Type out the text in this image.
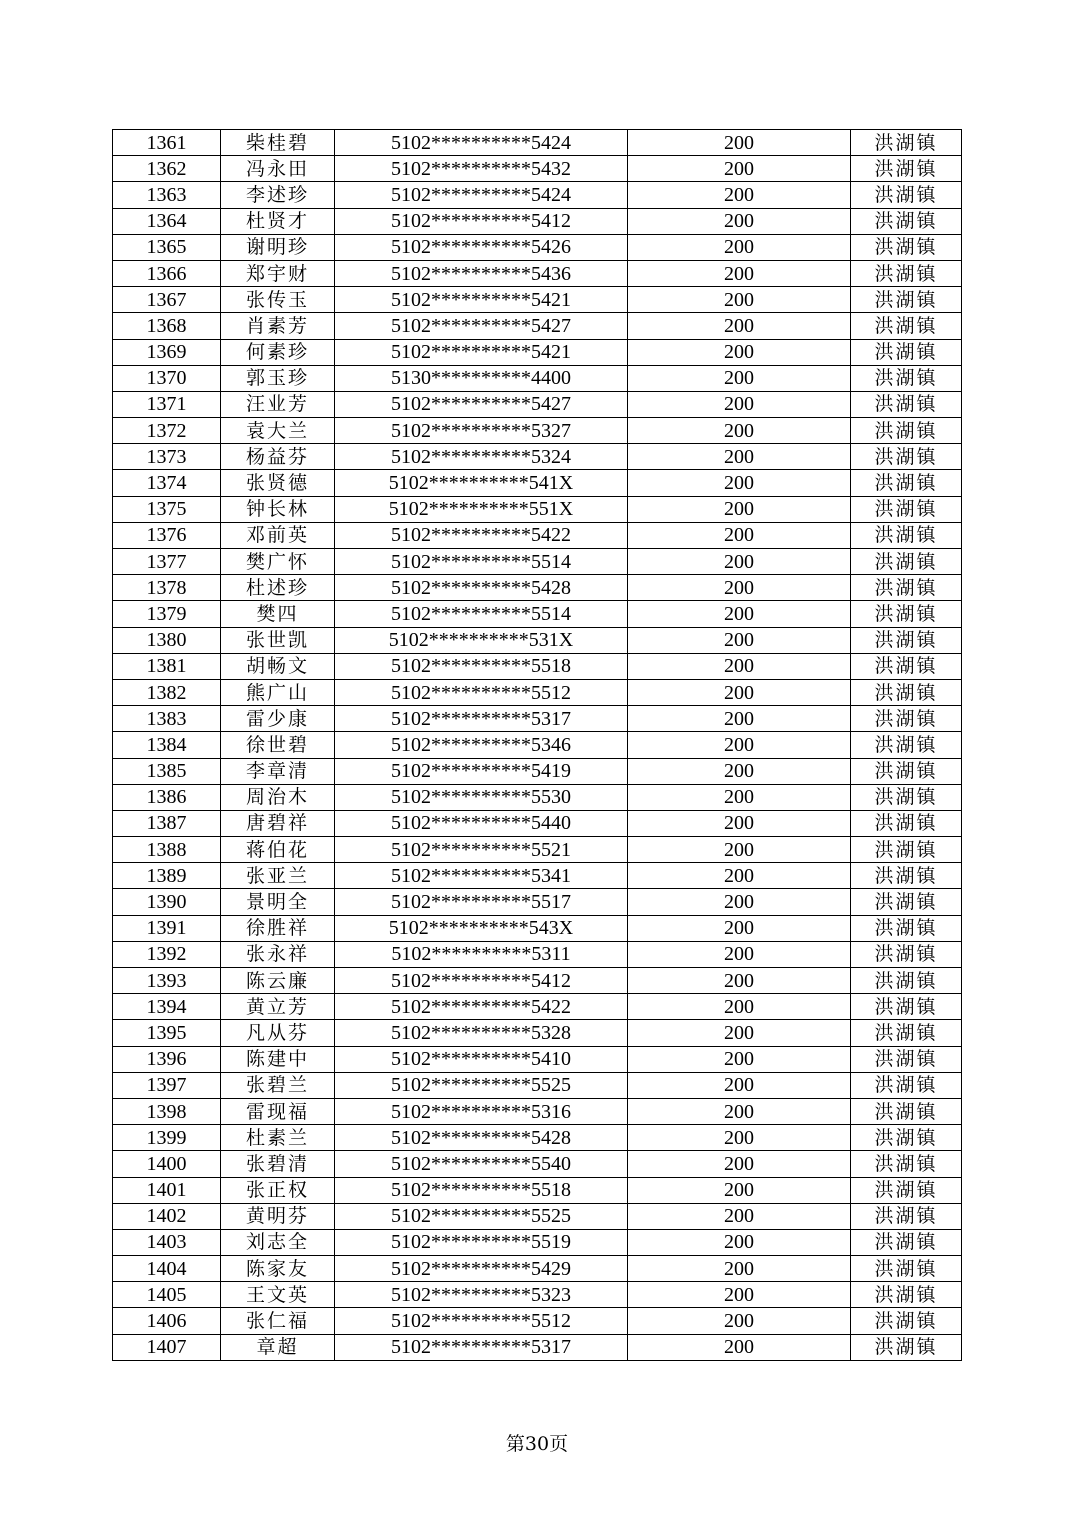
1361	柴桂碧	5102**********5424	200	洪湖镇
1362	冯永田	5102**********5432	200	洪湖镇
1363	李述珍	5102**********5424	200	洪湖镇
1364	杜贤才	5102**********5412	200	洪湖镇
1365	谢明珍	5102**********5426	200	洪湖镇
1366	郑宇财	5102**********5436	200	洪湖镇
1367	张传玉	5102**********5421	200	洪湖镇
1368	肖素芳	5102**********5427	200	洪湖镇
1369	何素珍	5102**********5421	200	洪湖镇
1370	郭玉珍	5130**********4400	200	洪湖镇
1371	汪业芳	5102**********5427	200	洪湖镇
1372	袁大兰	5102**********5327	200	洪湖镇
1373	杨益芬	5102**********5324	200	洪湖镇
1374	张贤德	5102**********541X	200	洪湖镇
1375	钟长林	5102**********551X	200	洪湖镇
1376	邓前英	5102**********5422	200	洪湖镇
1377	樊广怀	5102**********5514	200	洪湖镇
1378	杜述珍	5102**********5428	200	洪湖镇
1379	樊四	5102**********5514	200	洪湖镇
1380	张世凯	5102**********531X	200	洪湖镇
1381	胡畅文	5102**********5518	200	洪湖镇
1382	熊广山	5102**********5512	200	洪湖镇
1383	雷少康	5102**********5317	200	洪湖镇
1384	徐世碧	5102**********5346	200	洪湖镇
1385	李章清	5102**********5419	200	洪湖镇
1386	周治木	5102**********5530	200	洪湖镇
1387	唐碧祥	5102**********5440	200	洪湖镇
1388	蒋伯花	5102**********5521	200	洪湖镇
1389	张亚兰	5102**********5341	200	洪湖镇
1390	景明全	5102**********5517	200	洪湖镇
1391	徐胜祥	5102**********543X	200	洪湖镇
1392	张永祥	5102**********5311	200	洪湖镇
1393	陈云廉	5102**********5412	200	洪湖镇
1394	黄立芳	5102**********5422	200	洪湖镇
1395	凡从芬	5102**********5328	200	洪湖镇
1396	陈建中	5102**********5410	200	洪湖镇
1397	张碧兰	5102**********5525	200	洪湖镇
1398	雷现福	5102**********5316	200	洪湖镇
1399	杜素兰	5102**********5428	200	洪湖镇
1400	张碧清	5102**********5540	200	洪湖镇
1401	张正权	5102**********5518	200	洪湖镇
1402	黄明芬	5102**********5525	200	洪湖镇
1403	刘志全	5102**********5519	200	洪湖镇
1404	陈家友	5102**********5429	200	洪湖镇
1405	王文英	5102**********5323	200	洪湖镇
1406	张仁福	5102**********5512	200	洪湖镇
1407	章超	5102**********5317	200	洪湖镇
第30页
